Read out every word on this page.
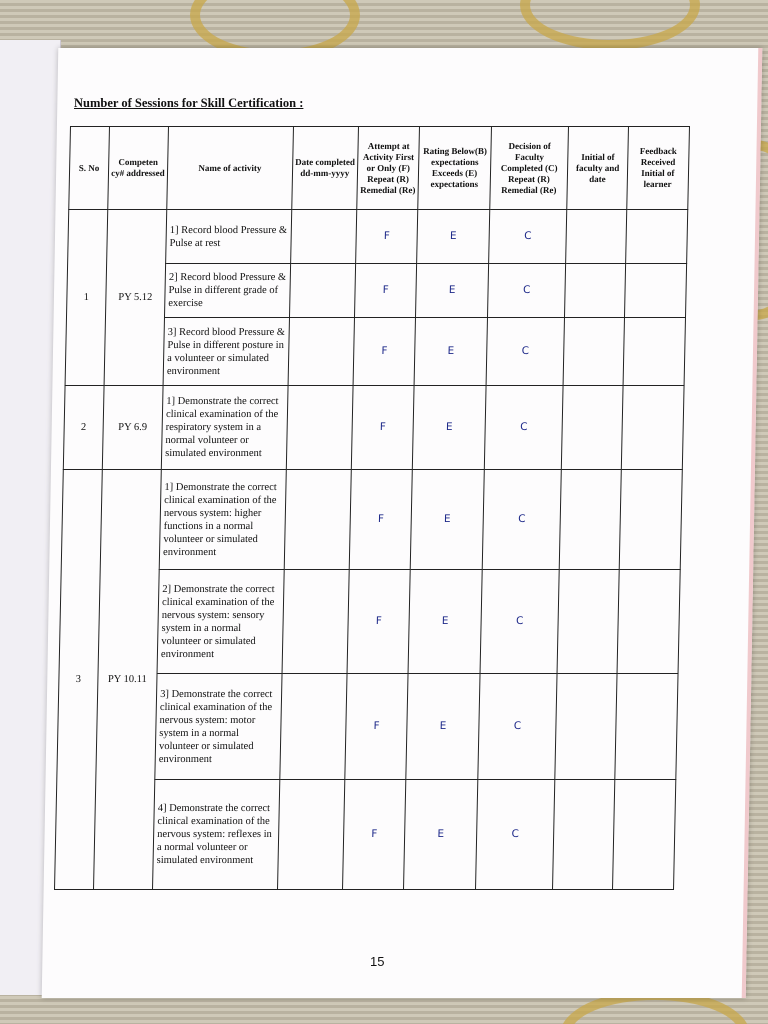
Number of Sessions for Skill Certification :
S. No	Competen cy# addressed	Name of activity	Date completed dd-mm-yyyy	Attempt at Activity First or Only (F) Repeat (R) Remedial (Re)	Rating Below(B) expectations Exceeds (E) expectations	Decision of Faculty Completed (C) Repeat (R) Remedial (Re)	Initial of faculty and date	Feedback Received Initial of learner
1	PY 5.12	1] Record blood Pressure & Pulse at rest		F	E	C		
		2] Record blood Pressure & Pulse in different grade of exercise		F	E	C		
		3] Record blood Pressure & Pulse in different posture in a volunteer or simulated environment		F	E	C		
2	PY 6.9	1] Demonstrate the correct clinical examination of the respiratory system in a normal volunteer or simulated environment		F	E	C		
3	PY 10.11	1] Demonstrate the correct clinical examination of the nervous system: higher functions in a normal volunteer or simulated environment		F	E	C		
		2] Demonstrate the correct clinical examination of the nervous system: sensory system in a normal volunteer or simulated environment		F	E	C		
		3] Demonstrate the correct clinical examination of the nervous system: motor system in a normal volunteer or simulated environment		F	E	C		
		4] Demonstrate the correct clinical examination of the nervous system: reflexes in a normal volunteer or simulated environment		F	E	C		
15
